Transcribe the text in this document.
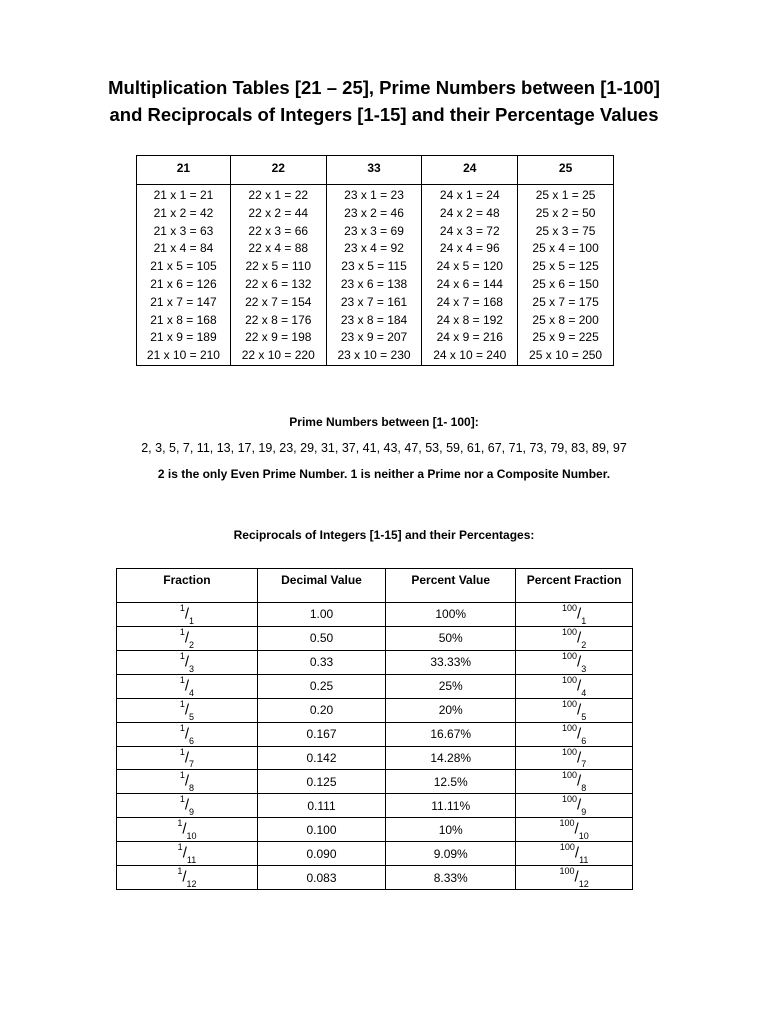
Multiplication Tables [21 – 25], Prime Numbers between [1-100]
and Reciprocals of Integers [1-15] and their Percentage Values
21	22	33	24	25
21 x 1 = 21	22 x 1 = 22	23 x 1 = 23	24 x 1 = 24	25 x 1 = 25
21 x 2 = 42	22 x 2 = 44	23 x 2 = 46	24 x 2 = 48	25 x 2 = 50
21 x 3 = 63	22 x 3 = 66	23 x 3 = 69	24 x 3 = 72	25 x 3 = 75
21 x 4 = 84	22 x 4 = 88	23 x 4 = 92	24 x 4 = 96	25 x 4 = 100
21 x 5 = 105	22 x 5 = 110	23 x 5 = 115	24 x 5 = 120	25 x 5 = 125
21 x 6 = 126	22 x 6 = 132	23 x 6 = 138	24 x 6 = 144	25 x 6 = 150
21 x 7 = 147	22 x 7 = 154	23 x 7 = 161	24 x 7 = 168	25 x 7 = 175
21 x 8 = 168	22 x 8 = 176	23 x 8 = 184	24 x 8 = 192	25 x 8 = 200
21 x 9 = 189	22 x 9 = 198	23 x 9 = 207	24 x 9 = 216	25 x 9 = 225
21 x 10 = 210	22 x 10 = 220	23 x 10 = 230	24 x 10 = 240	25 x 10 = 250
Prime Numbers between [1- 100]:
2, 3, 5, 7, 11, 13, 17, 19, 23, 29, 31, 37, 41, 43, 47, 53, 59, 61, 67, 71, 73, 79, 83, 89, 97
2 is the only Even Prime Number. 1 is neither a Prime nor a Composite Number.
Reciprocals of Integers [1-15] and their Percentages:
Fraction	Decimal Value	Percent Value	Percent Fraction
$^1/_1$	1.00	100%	$^{100}/_1$
$^1/_2$	0.50	50%	$^{100}/_2$
$^1/_3$	0.33	33.33%	$^{100}/_3$
$^1/_4$	0.25	25%	$^{100}/_4$
$^1/_5$	0.20	20%	$^{100}/_5$
$^1/_6$	0.167	16.67%	$^{100}/_6$
$^1/_7$	0.142	14.28%	$^{100}/_7$
$^1/_8$	0.125	12.5%	$^{100}/_8$
$^1/_9$	0.111	11.11%	$^{100}/_9$
$^1/_{10}$	0.100	10%	$^{100}/_{10}$
$^1/_{11}$	0.090	9.09%	$^{100}/_{11}$
$^1/_{12}$	0.083	8.33%	$^{100}/_{12}$
